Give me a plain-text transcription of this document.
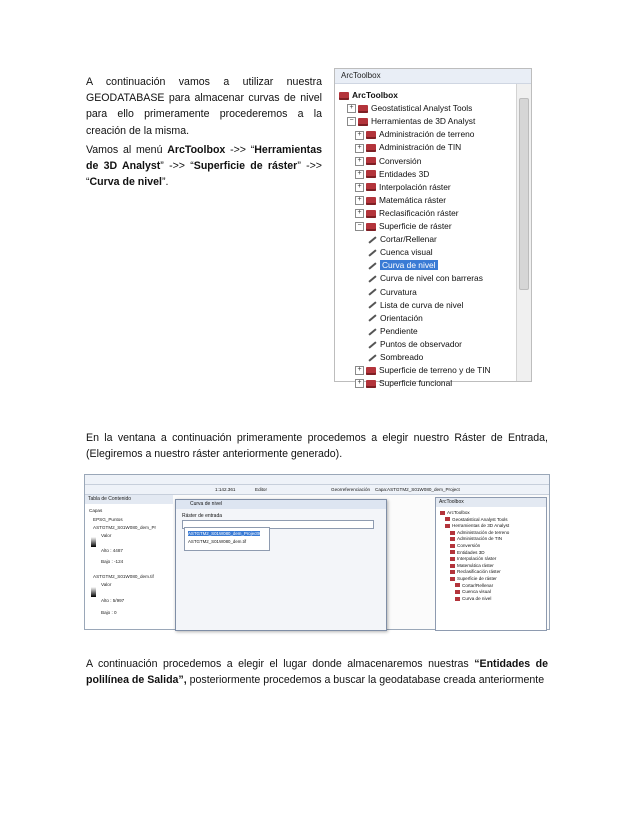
A continuación vamos a utilizar nuestra GEODATABASE para almacenar curvas de nivel para ello primeramente procederemos a la creación de la misma.
Vamos al menú ArcToolbox ->> “Herramientas de 3D Analyst” ->> “Superficie de ráster” ->> “Curva de nivel”.
ArcToolbox
ArcToolbox
+ Geostatistical Analyst Tools
− Herramientas de 3D Analyst
+ Administración de terreno
+ Administración de TIN
+ Conversión
+ Entidades 3D
+ Interpolación ráster
+ Matemática ráster
+ Reclasificación ráster
− Superficie de ráster
Cortar/Rellenar
Cuenca visual
Curva de nivel
Curva de nivel con barreras
Curvatura
Lista de curva de nivel
Orientación
Pendiente
Puntos de observador
Sombreado
+ Superficie de terreno y de TIN
+ Superficie funcional
En la ventana a continuación primeramente procedemos a elegir nuestro Ráster de Entrada, (Elegiremos a nuestro ráster anteriormente generado).
1:142.361	Georreferenciación Capa: ASTGTM2_S01W080_dem_Project
Editor
Tabla de Contenido
Capas
EPSG_Puntos
ASTGTM2_S01W080_dem_Pr
Valor
Alto : 4487
Bajo : -124
ASTGTM2_S01W080_dem.tif
Valor
Alto : 5/997
Bajo : 0
Curva de nivel
Ráster de entrada
ASTGTM2_S01W080_dem_Project9
ASTGTM2_S01W080_dem.tif
ArcToolbox
ArcToolbox
Geostatistical Analyst Tools
Herramientas de 3D Analyst
Administración de terreno
Administración de TIN
Conversión
Entidades 3D
Interpolación ráster
Matemática ráster
Reclasificación ráster
Superficie de ráster
Cortar/Rellenar
Cuenca visual
Curva de nivel
A continuación procedemos a elegir el lugar donde almacenaremos nuestras “Entidades de polilínea de Salida”, posteriormente procedemos a buscar la geodatabase creada anteriormente
